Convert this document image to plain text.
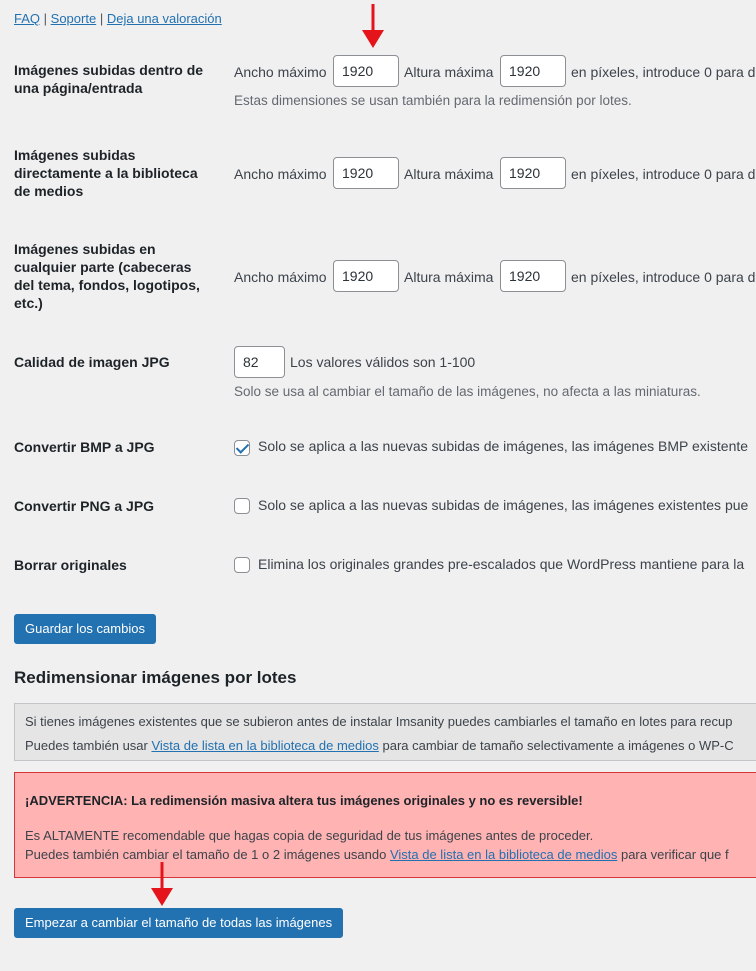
FAQ | Soporte | Deja una valoración
Imágenes subidas dentro de una página/entrada
Ancho máximo	1920	Altura máxima	1920	en píxeles, introduce 0 para d
Estas dimensiones se usan también para la redimensión por lotes.
Imágenes subidas directamente a la biblioteca de medios
Ancho máximo	1920	Altura máxima	1920	en píxeles, introduce 0 para d
Imágenes subidas en cualquier parte (cabeceras del tema, fondos, logotipos, etc.)
Ancho máximo	1920	Altura máxima	1920	en píxeles, introduce 0 para d
Calidad de imagen JPG	82	Los valores válidos son 1-100
Solo se usa al cambiar el tamaño de las imágenes, no afecta a las miniaturas.
Convertir BMP a JPG	Solo se aplica a las nuevas subidas de imágenes, las imágenes BMP existente
Convertir PNG a JPG	Solo se aplica a las nuevas subidas de imágenes, las imágenes existentes pue
Borrar originales	Elimina los originales grandes pre-escalados que WordPress mantiene para la
Guardar los cambios
Redimensionar imágenes por lotes
Si tienes imágenes existentes que se subieron antes de instalar Imsanity puedes cambiarles el tamaño en lotes para recup
Puedes también usar Vista de lista en la biblioteca de medios para cambiar de tamaño selectivamente a imágenes o WP-C
¡ADVERTENCIA: La redimensión masiva altera tus imágenes originales y no es reversible!
Es ALTAMENTE recomendable que hagas copia de seguridad de tus imágenes antes de proceder.
Puedes también cambiar el tamaño de 1 o 2 imágenes usando Vista de lista en la biblioteca de medios para verificar que f
Empezar a cambiar el tamaño de todas las imágenes
